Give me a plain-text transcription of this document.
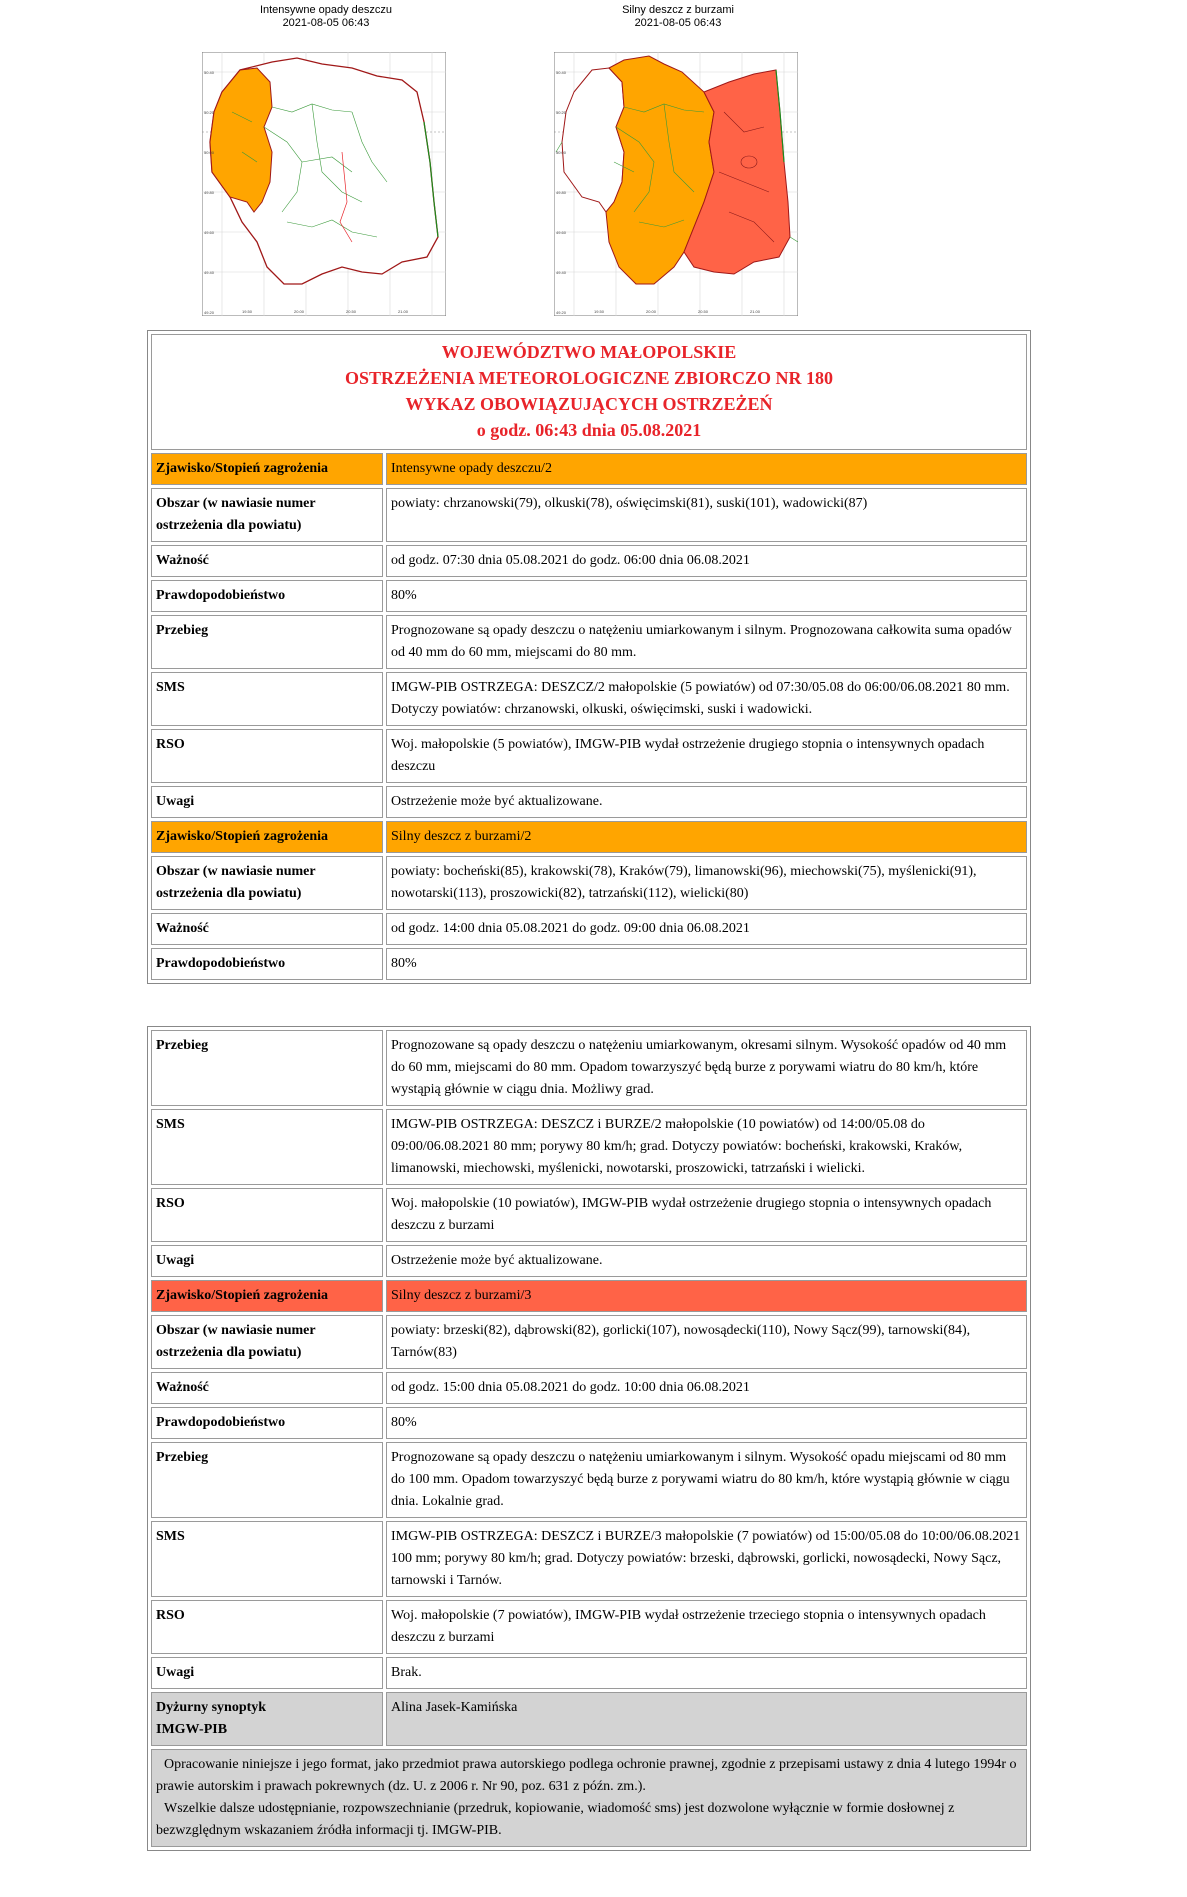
Intensywne opady deszczu
2021-08-05 06:43
50.40
50.20
50.00
49.80
49.60
49.40
49.20	19.50	20.00	20.50	21.00
Silny deszcz z burzami
2021-08-05 06:43
50.40
50.20
50.00
49.80
49.60
49.40
49.20	19.50	20.00	20.50	21.00
WOJEWÓDZTWO MAŁOPOLSKIE
OSTRZEŻENIA METEOROLOGICZNE ZBIORCZO NR 180
WYKAZ OBOWIĄZUJĄCYCH OSTRZEŻEŃ
o godz. 06:43 dnia 05.08.2021	

Zjawisko/Stopień zagrożenia	Intensywne opady deszczu/2

Obszar (w nawiasie numer
ostrzeżenia dla powiatu)	powiaty: chrzanowski(79), olkuski(78), oświęcimski(81), suski(101), wadowicki(87)
Ważność	od godz. 07:30 dnia 05.08.2021 do godz. 06:00 dnia 06.08.2021
Prawdopodobieństwo	80%
Przebieg	Prognozowane są opady deszczu o natężeniu umiarkowanym i silnym. Prognozowana całkowita suma opadów od 40 mm do 60 mm, miejscami do 80 mm.
SMS	IMGW-PIB OSTRZEGA: DESZCZ/2 małopolskie (5 powiatów) od 07:30/05.08 do 06:00/06.08.2021 80 mm. Dotyczy powiatów: chrzanowski, olkuski, oświęcimski, suski i wadowicki.
RSO	Woj. małopolskie (5 powiatów), IMGW-PIB wydał ostrzeżenie drugiego stopnia o intensywnych opadach deszczu
Uwagi	Ostrzeżenie może być aktualizowane.
Zjawisko/Stopień zagrożenia	Silny deszcz z burzami/2

Obszar (w nawiasie numer
ostrzeżenia dla powiatu)	powiaty: bocheński(85), krakowski(78), Kraków(79), limanowski(96), miechowski(75), myślenicki(91), nowotarski(113), proszowicki(82), tatrzański(112), wielicki(80)
Ważność	od godz. 14:00 dnia 05.08.2021 do godz. 09:00 dnia 06.08.2021
Prawdopodobieństwo	80%
Przebieg	Prognozowane są opady deszczu o natężeniu umiarkowanym, okresami silnym. Wysokość opadów od 40 mm do 60 mm, miejscami do 80 mm. Opadom towarzyszyć będą burze z porywami wiatru do 80 km/h, które wystąpią głównie w ciągu dnia. Możliwy grad.
SMS	IMGW-PIB OSTRZEGA: DESZCZ i BURZE/2 małopolskie (10 powiatów) od 14:00/05.08 do 09:00/06.08.2021 80 mm; porywy 80 km/h; grad. Dotyczy powiatów: bocheński, krakowski, Kraków, limanowski, miechowski, myślenicki, nowotarski, proszowicki, tatrzański i wielicki.
RSO	Woj. małopolskie (10 powiatów), IMGW-PIB wydał ostrzeżenie drugiego stopnia o intensywnych opadach deszczu z burzami
Uwagi	Ostrzeżenie może być aktualizowane.
Zjawisko/Stopień zagrożenia	Silny deszcz z burzami/3

Obszar (w nawiasie numer
ostrzeżenia dla powiatu)	powiaty: brzeski(82), dąbrowski(82), gorlicki(107), nowosądecki(110), Nowy Sącz(99), tarnowski(84), Tarnów(83)
Ważność	od godz. 15:00 dnia 05.08.2021 do godz. 10:00 dnia 06.08.2021
Prawdopodobieństwo	80%
Przebieg	Prognozowane są opady deszczu o natężeniu umiarkowanym i silnym. Wysokość opadu miejscami od 80 mm do 100 mm. Opadom towarzyszyć będą burze z porywami wiatru do 80 km/h, które wystąpią głównie w ciągu dnia. Lokalnie grad.
SMS	IMGW-PIB OSTRZEGA: DESZCZ i BURZE/3 małopolskie (7 powiatów) od 15:00/05.08 do 10:00/06.08.2021 100 mm; porywy 80 km/h; grad. Dotyczy powiatów: brzeski, dąbrowski, gorlicki, nowosądecki, Nowy Sącz, tarnowski i Tarnów.
RSO	Woj. małopolskie (7 powiatów), IMGW-PIB wydał ostrzeżenie trzeciego stopnia o intensywnych opadach deszczu z burzami
Uwagi	Brak.

Dyżurny synoptyk
IMGW-PIB	Alina Jasek-Kamińska

Opracowanie niniejsze i jego format, jako przedmiot prawa autorskiego podlega ochronie prawnej, zgodnie z przepisami ustawy z dnia 4 lutego 1994r o prawie autorskim i prawach pokrewnych (dz. U. z 2006 r. Nr 90, poz. 631 z późn. zm.).
Wszelkie dalsze udostępnianie, rozpowszechnianie (przedruk, kopiowanie, wiadomość sms) jest dozwolone wyłącznie w formie dosłownej z bezwzględnym wskazaniem źródła informacji tj. IMGW-PIB.	
